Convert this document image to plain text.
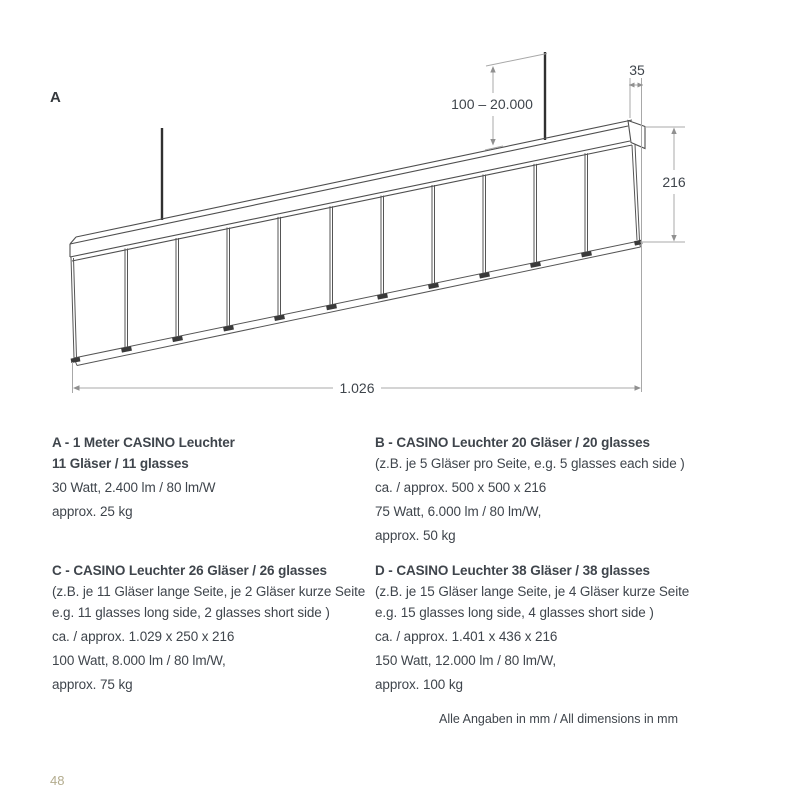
A
35
100 – 20.000
216
1.026
A - 1 Meter CASINO Leuchter
11 Gläser / 11 glasses
30 Watt, 2.400 lm / 80 lm/W
approx. 25 kg
B - CASINO Leuchter 20 Gläser / 20 glasses
(z.B. je 5 Gläser pro Seite, e.g. 5 glasses each side )
ca. / approx. 500 x 500 x 216
75 Watt, 6.000 lm / 80 lm/W,
approx. 50 kg
C - CASINO Leuchter 26 Gläser / 26 glasses
(z.B. je 11 Gläser lange Seite, je 2 Gläser kurze Seite
e.g. 11 glasses long side, 2 glasses short side )
ca. / approx. 1.029 x 250 x 216
100 Watt, 8.000 lm / 80 lm/W,
approx. 75 kg
D - CASINO Leuchter 38 Gläser / 38 glasses
(z.B. je 15 Gläser lange Seite, je 4 Gläser kurze Seite
e.g. 15 glasses long side, 4 glasses short side )
ca. / approx. 1.401 x 436 x 216
150 Watt, 12.000 lm / 80 lm/W,
approx. 100 kg
Alle Angaben in mm / All dimensions in mm
48
